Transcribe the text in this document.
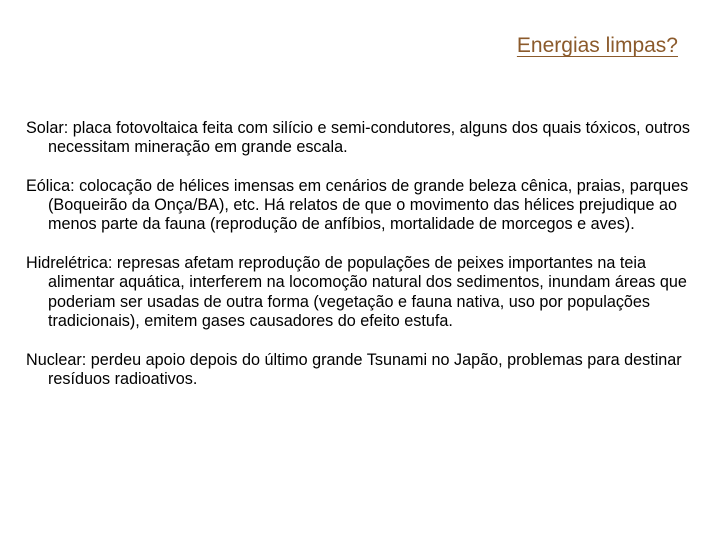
Energias limpas?
Solar: placa fotovoltaica feita com silício e semi-condutores, alguns dos quais tóxicos, outros necessitam mineração em grande escala.
Eólica: colocação de hélices imensas em cenários de grande beleza cênica, praias, parques (Boqueirão da Onça/BA), etc. Há relatos de que o movimento das hélices prejudique ao menos parte da fauna (reprodução de anfíbios, mortalidade de morcegos e aves).
Hidrelétrica: represas afetam reprodução de populações de peixes importantes na teia alimentar aquática, interferem na locomoção natural dos sedimentos, inundam áreas que poderiam ser usadas de outra forma (vegetação e fauna nativa, uso por populações tradicionais), emitem gases causadores do efeito estufa.
Nuclear: perdeu apoio depois do último grande Tsunami no Japão, problemas para destinar resíduos radioativos.
